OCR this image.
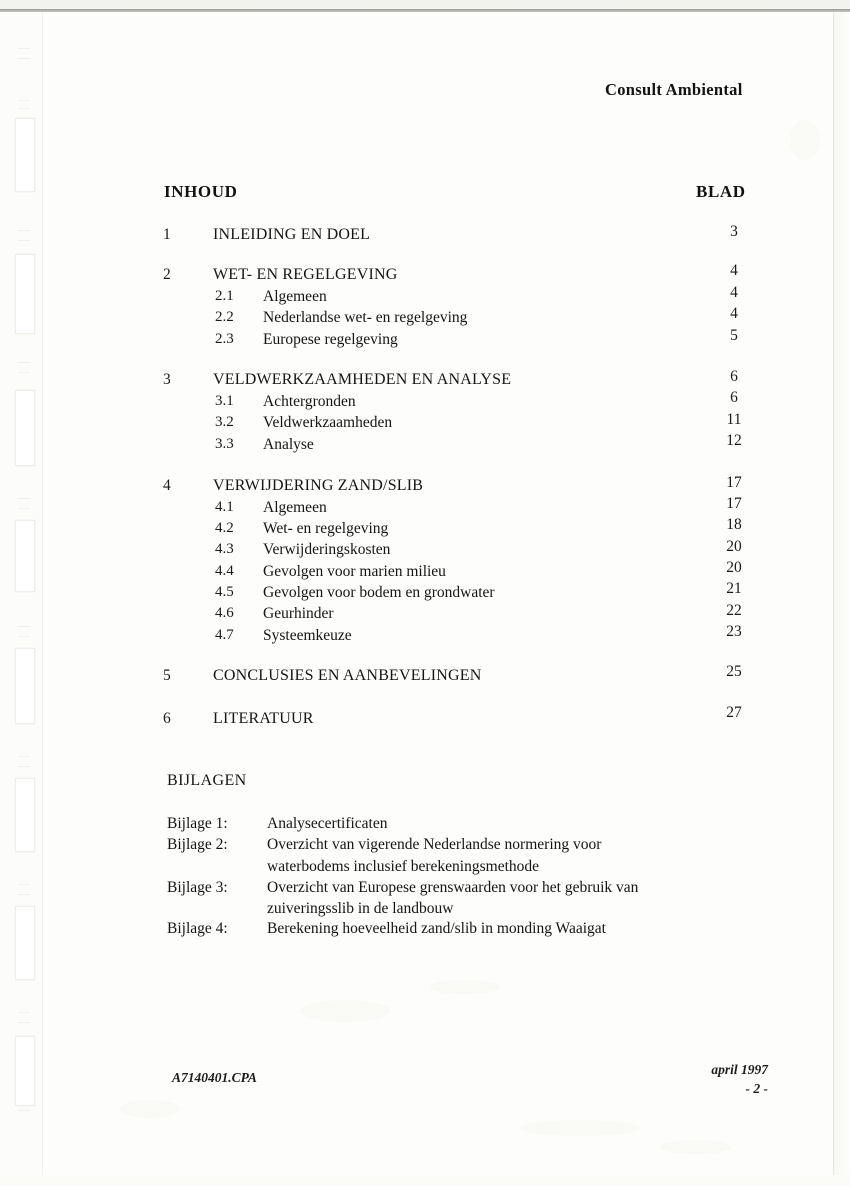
Consult Ambiental
INHOUD	BLAD
1	INLEIDING EN DOEL	3
2	WET- EN REGELGEVING	4
2.1 Algemeen	4
2.2 Nederlandse wet- en regelgeving	4
2.3 Europese regelgeving	5
3	VELDWERKZAAMHEDEN EN ANALYSE	6
3.1 Achtergronden	6
3.2 Veldwerkzaamheden	11
3.3 Analyse	12
4	VERWIJDERING ZAND/SLIB	17
4.1 Algemeen	17
4.2 Wet- en regelgeving	18
4.3 Verwijderingskosten	20
4.4 Gevolgen voor marien milieu	20
4.5 Gevolgen voor bodem en grondwater	21
4.6 Geurhinder	22
4.7 Systeemkeuze	23
5	CONCLUSIES EN AANBEVELINGEN	25
6	LITERATUUR	27
BIJLAGEN
Bijlage 1:	Analysecertificaten
Bijlage 2:	Overzicht van vigerende Nederlandse normering voor
waterbodems inclusief berekeningsmethode
Bijlage 3:	Overzicht van Europese grenswaarden voor het gebruik van
zuiveringsslib in de landbouw
Bijlage 4:	Berekening hoeveelheid zand/slib in monding Waaigat
A7140401.CPA
april 1997
- 2 -
